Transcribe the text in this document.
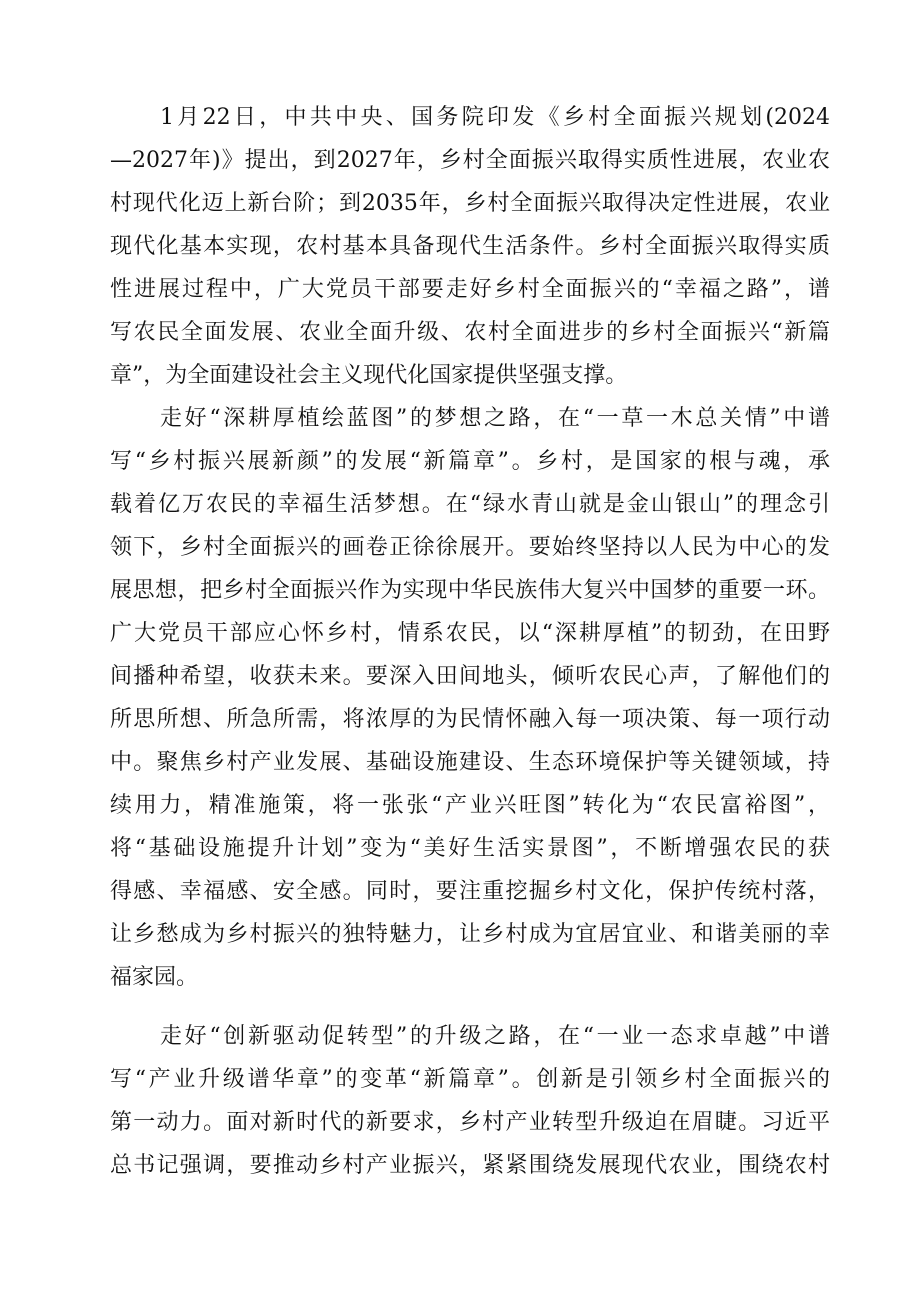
1月22日，中共中央、国务院印发《乡村全面振兴规划(2024
—2027年)》提出，到2027年，乡村全面振兴取得实质性进展，农业农
村现代化迈上新台阶；到2035年，乡村全面振兴取得决定性进展，农业
现代化基本实现，农村基本具备现代生活条件。乡村全面振兴取得实质
性进展过程中，广大党员干部要走好乡村全面振兴的“幸福之路”，谱
写农民全面发展、农业全面升级、农村全面进步的乡村全面振兴“新篇
章”，为全面建设社会主义现代化国家提供坚强支撑。
走好“深耕厚植绘蓝图”的梦想之路，在“一草一木总关情”中谱
写“乡村振兴展新颜”的发展“新篇章”。乡村，是国家的根与魂，承
载着亿万农民的幸福生活梦想。在“绿水青山就是金山银山”的理念引
领下，乡村全面振兴的画卷正徐徐展开。要始终坚持以人民为中心的发
展思想，把乡村全面振兴作为实现中华民族伟大复兴中国梦的重要一环。
广大党员干部应心怀乡村，情系农民，以“深耕厚植”的韧劲，在田野
间播种希望，收获未来。要深入田间地头，倾听农民心声，了解他们的
所思所想、所急所需，将浓厚的为民情怀融入每一项决策、每一项行动
中。聚焦乡村产业发展、基础设施建设、生态环境保护等关键领域，持
续用力，精准施策，将一张张“产业兴旺图”转化为“农民富裕图”，
将“基础设施提升计划”变为“美好生活实景图”，不断增强农民的获
得感、幸福感、安全感。同时，要注重挖掘乡村文化，保护传统村落，
让乡愁成为乡村振兴的独特魅力，让乡村成为宜居宜业、和谐美丽的幸
福家园。
走好“创新驱动促转型”的升级之路，在“一业一态求卓越”中谱
写“产业升级谱华章”的变革“新篇章”。创新是引领乡村全面振兴的
第一动力。面对新时代的新要求，乡村产业转型升级迫在眉睫。习近平
总书记强调，要推动乡村产业振兴，紧紧围绕发展现代农业，围绕农村
